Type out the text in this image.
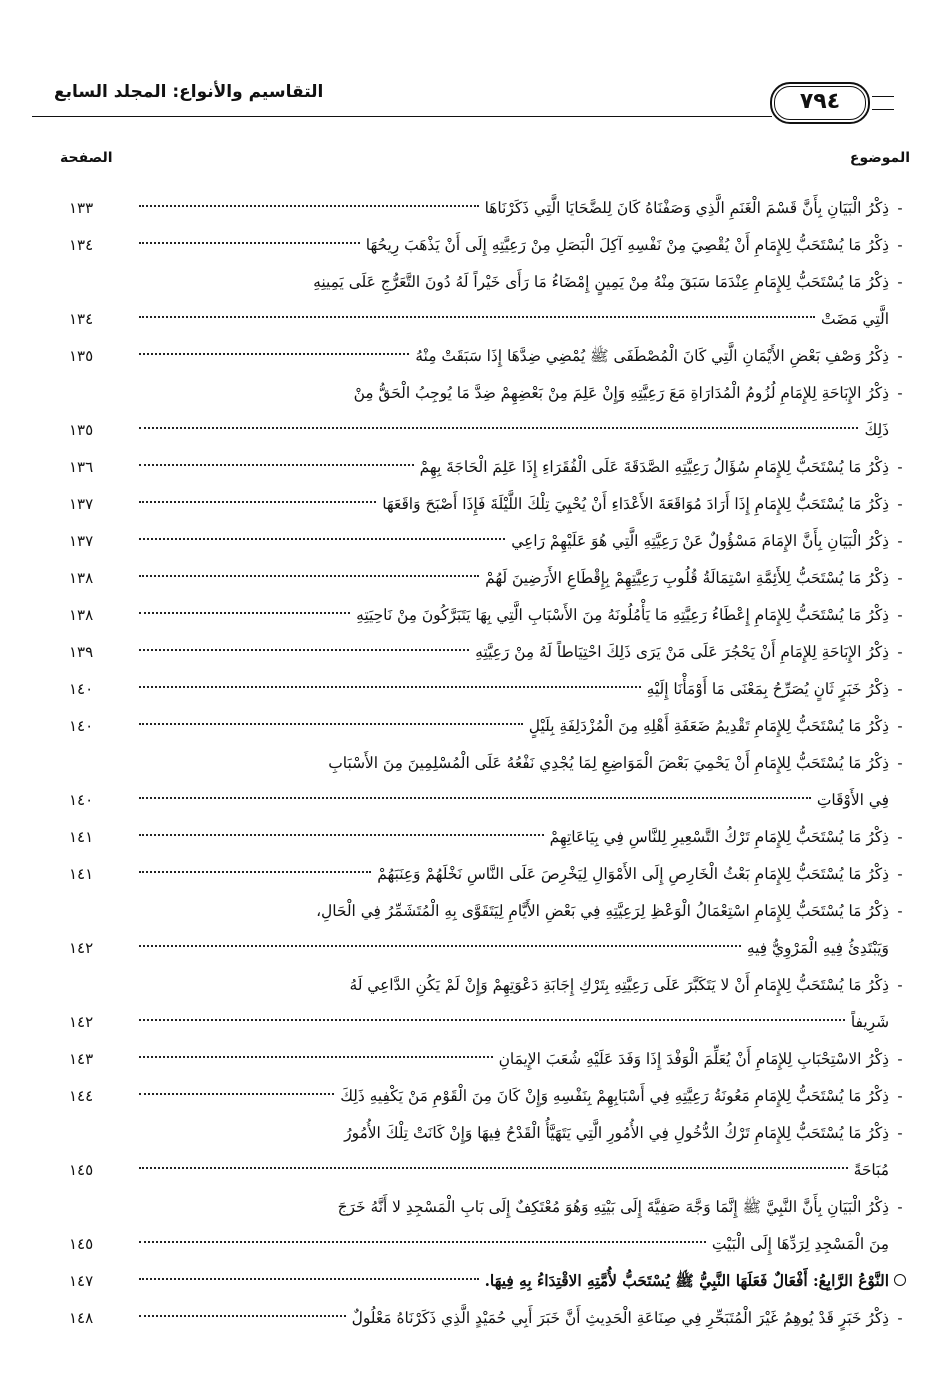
التقاسيم والأنواع: المجلد السابع	٧٩٤
الموضوع
الصفحة
-
ذِكْرُ الْبَيَانِ بِأَنَّ قَسْمَ الْغَنَمِ الَّذِي وَصَفْنَاهُ كَانَ لِلضَّحَايَا الَّتِي ذَكَرْنَاهَا
١٣٣
-
ذِكْرُ مَا يُسْتَحَبُّ لِلإِمَامِ أَنْ يُقْصِيَ مِنْ نَفْسِهِ آكِلَ الْبَصَلِ مِنْ رَعِيَّتِهِ إِلَى أَنْ يَذْهَبَ رِيحُهَا
١٣٤
-
ذِكْرُ مَا يُسْتَحَبُّ لِلإِمَامِ عِنْدَمَا سَبَقَ مِنْهُ مِنْ يَمِينٍ إِمْضَاءُ مَا رَأَى خَيْراً لَهُ دُونَ التَّعَرُّجِ عَلَى يَمِينِهِ
الَّتِي مَضَتْ
١٣٤
-
ذِكْرُ وَصْفِ بَعْضِ الأَيْمَانِ الَّتِي كَانَ الْمُصْطَفَى ﷺ يُمْضِي ضِدَّهَا إِذَا سَبَقَتْ مِنْهُ
١٣٥
-
ذِكْرُ الإِبَاحَةِ لِلإِمَامِ لُزُومُ الْمُدَارَاةِ مَعَ رَعِيَّتِهِ وَإِنْ عَلِمَ مِنْ بَعْضِهِمْ ضِدَّ مَا يُوجِبُ الْحَقُّ مِنْ
ذَلِكَ
١٣٥
-
ذِكْرُ مَا يُسْتَحَبُّ لِلإِمَامِ سُؤَالُ رَعِيَّتِهِ الصَّدَقَةَ عَلَى الْفُقَرَاءِ إِذَا عَلِمَ الْحَاجَةَ بِهِمْ
١٣٦
-
ذِكْرُ مَا يُسْتَحَبُّ لِلإِمَامِ إِذَا أَرَادَ مُوَاقَعَةَ الأَعْدَاءِ أَنْ يُحْيِيَ تِلْكَ اللَّيْلَةَ فَإِذَا أَصْبَحَ وَاقَعَهَا
١٣٧
-
ذِكْرُ الْبَيَانِ بِأَنَّ الإِمَامَ مَسْؤُولٌ عَنْ رَعِيَّتِهِ الَّتِي هُوَ عَلَيْهِمْ رَاعِي
١٣٧
-
ذِكْرُ مَا يُسْتَحَبُّ لِلأَئِمَّةِ اسْتِمَالَةُ قُلُوبِ رَعِيَّتِهِمْ بِإِقْطَاعِ الأَرَضِينَ لَهُمْ
١٣٨
-
ذِكْرُ مَا يُسْتَحَبُّ لِلإِمَامِ إِعْطَاءُ رَعِيَّتِهِ مَا يَأْمُلُونَهُ مِنَ الأَسْبَابِ الَّتِي بِهَا يَتَبَرَّكُونَ مِنْ نَاحِيَتِهِ
١٣٨
-
ذِكْرُ الإِبَاحَةِ لِلإِمَامِ أَنْ يَحْجُرَ عَلَى مَنْ يَرَى ذَلِكَ احْتِيَاطاً لَهُ مِنْ رَعِيَّتِهِ
١٣٩
-
ذِكْرُ خَبَرٍ ثَانٍ يُصَرِّحُ بِمَعْنَى مَا أَوْمَأْنَا إِلَيْهِ
١٤٠
-
ذِكْرُ مَا يُسْتَحَبُّ لِلإِمَامِ تَقْدِيمُ ضَعَفَةِ أَهْلِهِ مِنَ الْمُزْدَلِفَةِ بِلَيْلٍ
١٤٠
-
ذِكْرُ مَا يُسْتَحَبُّ لِلإِمَامِ أَنْ يَحْمِيَ بَعْضَ الْمَوَاضِعِ لِمَا يُجْدِي نَفْعُهُ عَلَى الْمُسْلِمِينَ مِنَ الأَسْبَابِ
فِي الأَوْقَاتِ
١٤٠
-
ذِكْرُ مَا يُسْتَحَبُّ لِلإِمَامِ تَرْكُ التَّسْعِيرِ لِلنَّاسِ فِي بِيَاعَاتِهِمْ
١٤١
-
ذِكْرُ مَا يُسْتَحَبُّ لِلإِمَامِ بَعْثُ الْخَارِصِ إِلَى الأَمْوَالِ لِيَخْرِصَ عَلَى النَّاسِ نَخْلَهُمْ وَعِنَبَهُمْ
١٤١
-
ذِكْرُ مَا يُسْتَحَبُّ لِلإِمَامِ اسْتِعْمَالُ الْوَعْظِ لِرَعِيَّتِهِ فِي بَعْضِ الأَيَّامِ لِيَتَقَوَّى بِهِ الْمُتَشَمِّرُ فِي الْحَالِ،
وَيَبْتَدِئُ فِيهِ الْمَرْوِيُّ فِيهِ
١٤٢
-
ذِكْرُ مَا يُسْتَحَبُّ لِلإِمَامِ أَنْ لا يَتَكَبَّرَ عَلَى رَعِيَّتِهِ بِتَرْكِ إِجَابَةِ دَعْوَتِهِمْ وَإِنْ لَمْ يَكُنِ الدَّاعِي لَهُ
شَرِيفاً
١٤٢
-
ذِكْرُ الاسْتِحْبَابِ لِلإِمَامِ أَنْ يُعَلِّمَ الْوَفْدَ إِذَا وَفَدَ عَلَيْهِ شُعَبَ الإِيمَانِ
١٤٣
-
ذِكْرُ مَا يُسْتَحَبُّ لِلإِمَامِ مَعُونَةُ رَعِيَّتِهِ فِي أَسْبَابِهِمْ بِنَفْسِهِ وَإِنْ كَانَ مِنَ الْقَوْمِ مَنْ يَكْفِيهِ ذَلِكَ
١٤٤
-
ذِكْرُ مَا يُسْتَحَبُّ لِلإِمَامِ تَرْكُ الدُّخُولِ فِي الأُمُورِ الَّتِي يَتَهَيَّأُ الْقَدْحُ فِيهَا وَإِنْ كَانَتْ تِلْكَ الأُمُورُ
مُبَاحَةً
١٤٥
-
ذِكْرُ الْبَيَانِ بِأَنَّ النَّبِيَّ ﷺ إِنَّمَا وَجَّهَ صَفِيَّةَ إِلَى بَيْتِهِ وَهُوَ مُعْتَكِفٌ إِلَى بَابِ الْمَسْجِدِ لا أَنَّهُ خَرَجَ
مِنَ الْمَسْجِدِ لِرَدِّهَا إِلَى الْبَيْتِ
١٤٥
النَّوْعُ الرَّابِعُ: أَفْعَالٌ فَعَلَهَا النَّبِيُّ ﷺ يُسْتَحَبُّ لأُمَّتِهِ الاقْتِدَاءُ بِهِ فِيهَا.
١٤٧
-
ذِكْرُ خَبَرٍ قَدْ يُوهِمُ غَيْرَ الْمُتَبَحِّرِ فِي صِنَاعَةِ الْحَدِيثِ أَنَّ خَبَرَ أَبِي حُمَيْدٍ الَّذِي ذَكَرْنَاهُ مَعْلُولٌ
١٤٨
